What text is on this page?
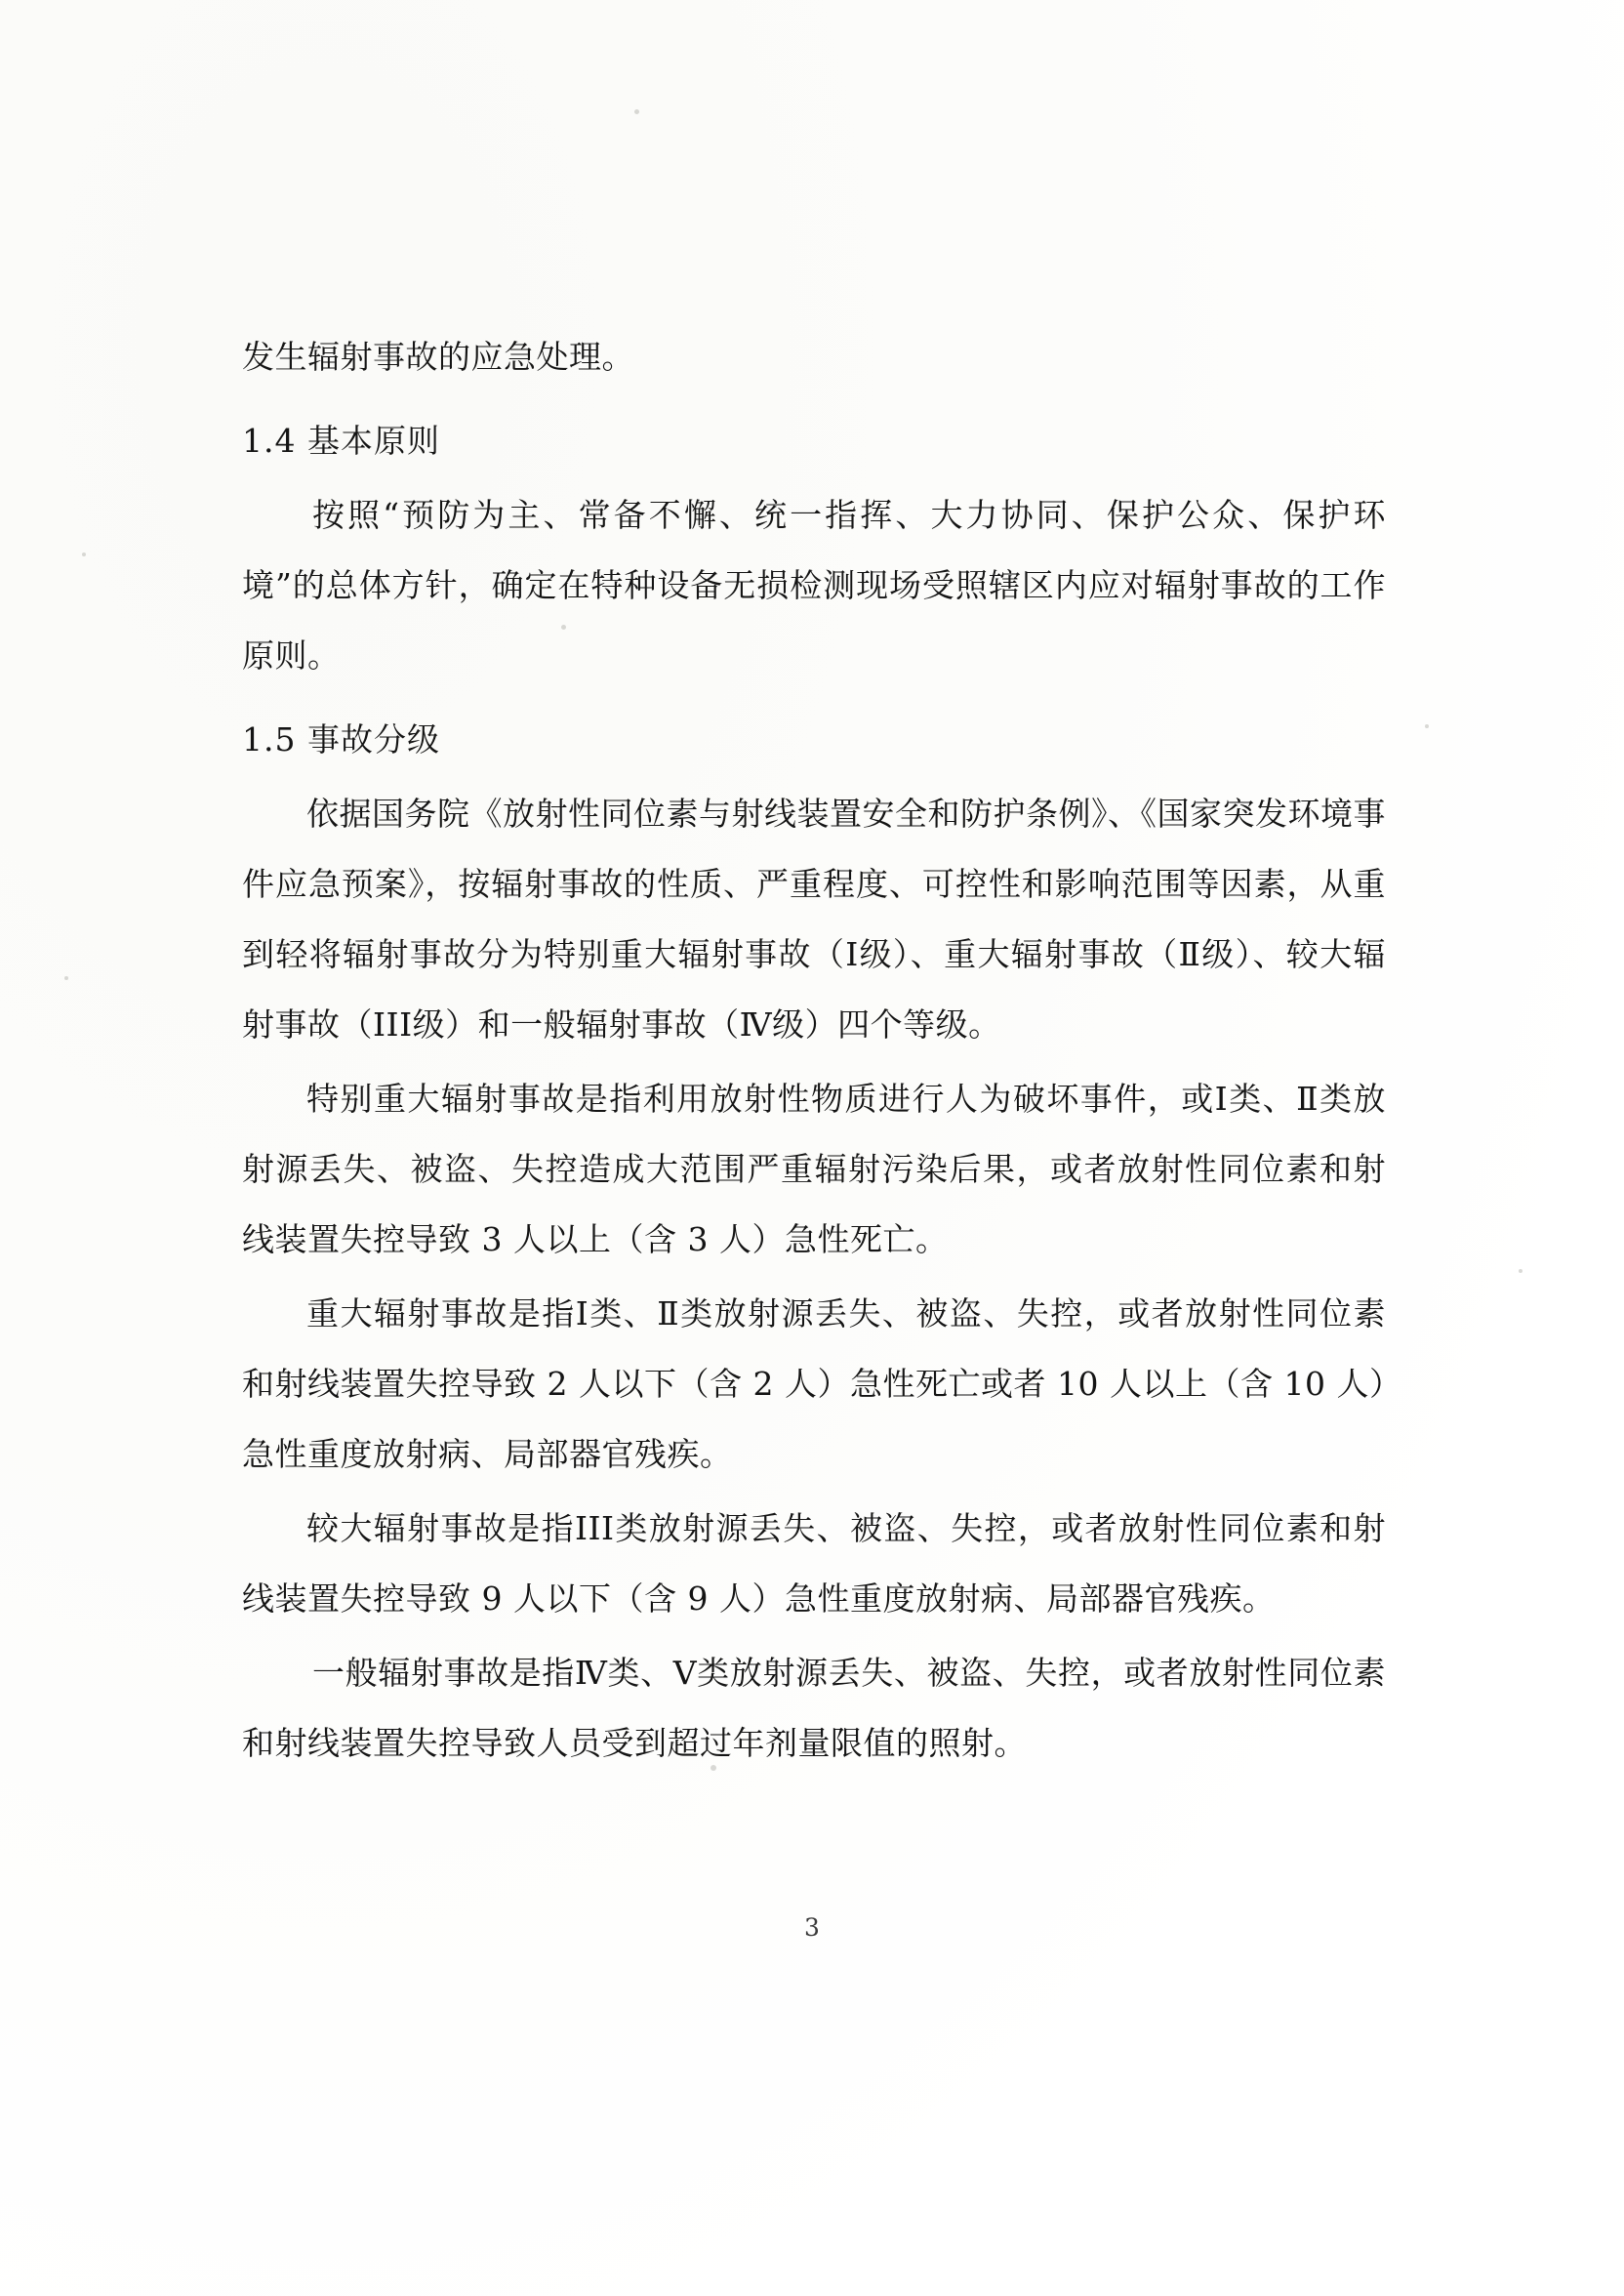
发生辐射事故的应急处理。

1.4 基本原则

按照“预防为主、常备不懈、统一指挥、大力协同、保护公众、保护环境”的总体方针，确定在特种设备无损检测现场受照辖区内应对辐射事故的工作原则。

1.5 事故分级

依据国务院《放射性同位素与射线装置安全和防护条例》、《国家突发环境事件应急预案》，按辐射事故的性质、严重程度、可控性和影响范围等因素，从重到轻将辐射事故分为特别重大辐射事故（Ⅰ级）、重大辐射事故（Ⅱ级）、较大辐射事故（III级）和一般辐射事故（Ⅳ级）四个等级。

特别重大辐射事故是指利用放射性物质进行人为破坏事件，或Ⅰ类、Ⅱ类放射源丢失、被盗、失控造成大范围严重辐射污染后果，或者放射性同位素和射线装置失控导致 3 人以上（含 3 人）急性死亡。

重大辐射事故是指Ⅰ类、Ⅱ类放射源丢失、被盗、失控，或者放射性同位素和射线装置失控导致 2 人以下（含 2 人）急性死亡或者 10 人以上（含 10 人）急性重度放射病、局部器官残疾。

较大辐射事故是指III类放射源丢失、被盗、失控，或者放射性同位素和射线装置失控导致 9 人以下（含 9 人）急性重度放射病、局部器官残疾。

一般辐射事故是指Ⅳ类、Ⅴ类放射源丢失、被盗、失控，或者放射性同位素和射线装置失控导致人员受到超过年剂量限值的照射。

3
